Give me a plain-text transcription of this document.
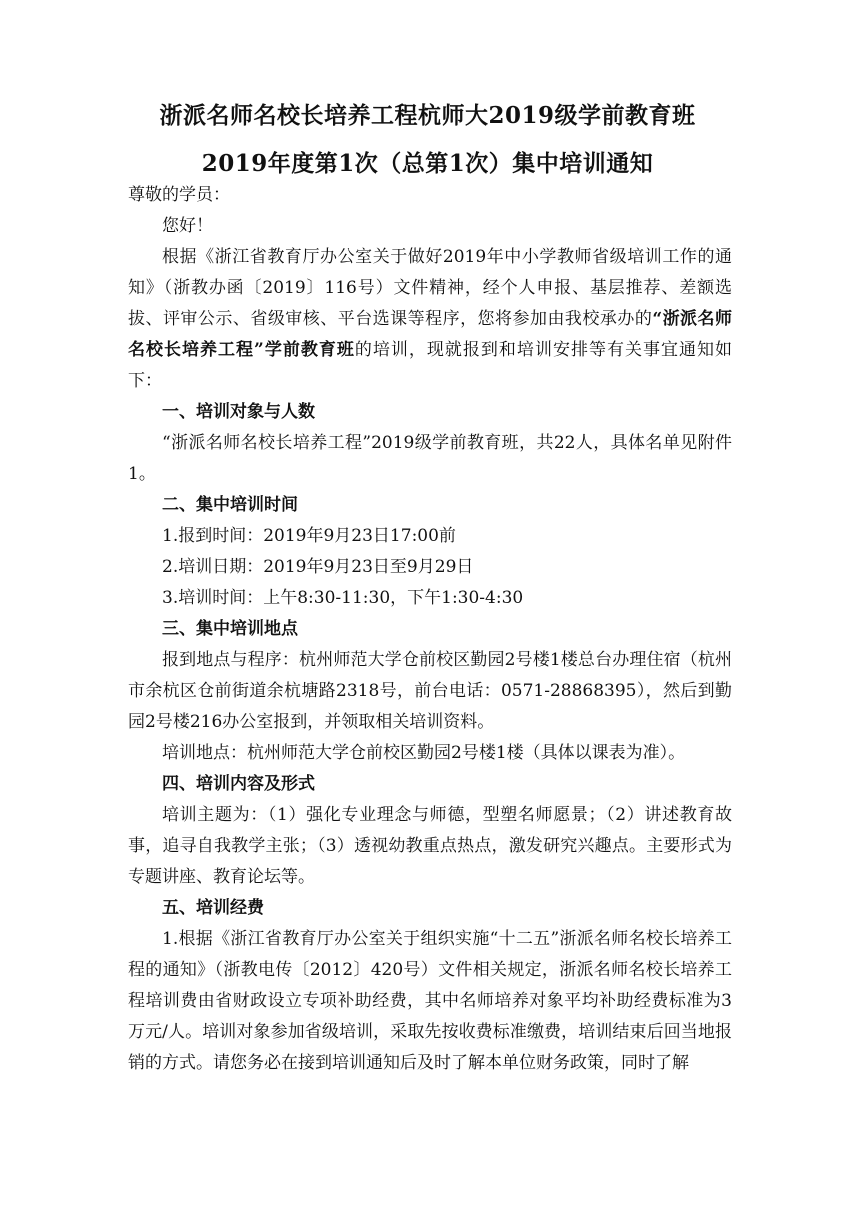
浙派名师名校长培养工程杭师大2019级学前教育班
2019年度第1次（总第1次）集中培训通知

尊敬的学员：

您好！

根据《浙江省教育厅办公室关于做好2019年中小学教师省级培训工作的通知》（浙教办函〔2019〕116号）文件精神，经个人申报、基层推荐、差额选拔、评审公示、省级审核、平台选课等程序，您将参加由我校承办的“浙派名师名校长培养工程”学前教育班的培训，现就报到和培训安排等有关事宜通知如下：

一、培训对象与人数

“浙派名师名校长培养工程”2019级学前教育班，共22人，具体名单见附件1。

二、集中培训时间

1.报到时间：2019年9月23日17:00前

2.培训日期：2019年9月23日至9月29日

3.培训时间：上午8:30-11:30，下午1:30-4:30

三、集中培训地点

报到地点与程序：杭州师范大学仓前校区勤园2号楼1楼总台办理住宿（杭州市余杭区仓前街道余杭塘路2318号，前台电话：0571-28868395），然后到勤园2号楼216办公室报到，并领取相关培训资料。

培训地点：杭州师范大学仓前校区勤园2号楼1楼（具体以课表为准）。

四、培训内容及形式

培训主题为：（1）强化专业理念与师德，型塑名师愿景；（2）讲述教育故事，追寻自我教学主张；（3）透视幼教重点热点，激发研究兴趣点。主要形式为专题讲座、教育论坛等。

五、培训经费

1.根据《浙江省教育厅办公室关于组织实施“十二五”浙派名师名校长培养工程的通知》（浙教电传〔2012〕420号）文件相关规定，浙派名师名校长培养工程培训费由省财政设立专项补助经费，其中名师培养对象平均补助经费标准为3万元/人。培训对象参加省级培训，采取先按收费标准缴费，培训结束后回当地报销的方式。请您务必在接到培训通知后及时了解本单位财务政策，同时了解
